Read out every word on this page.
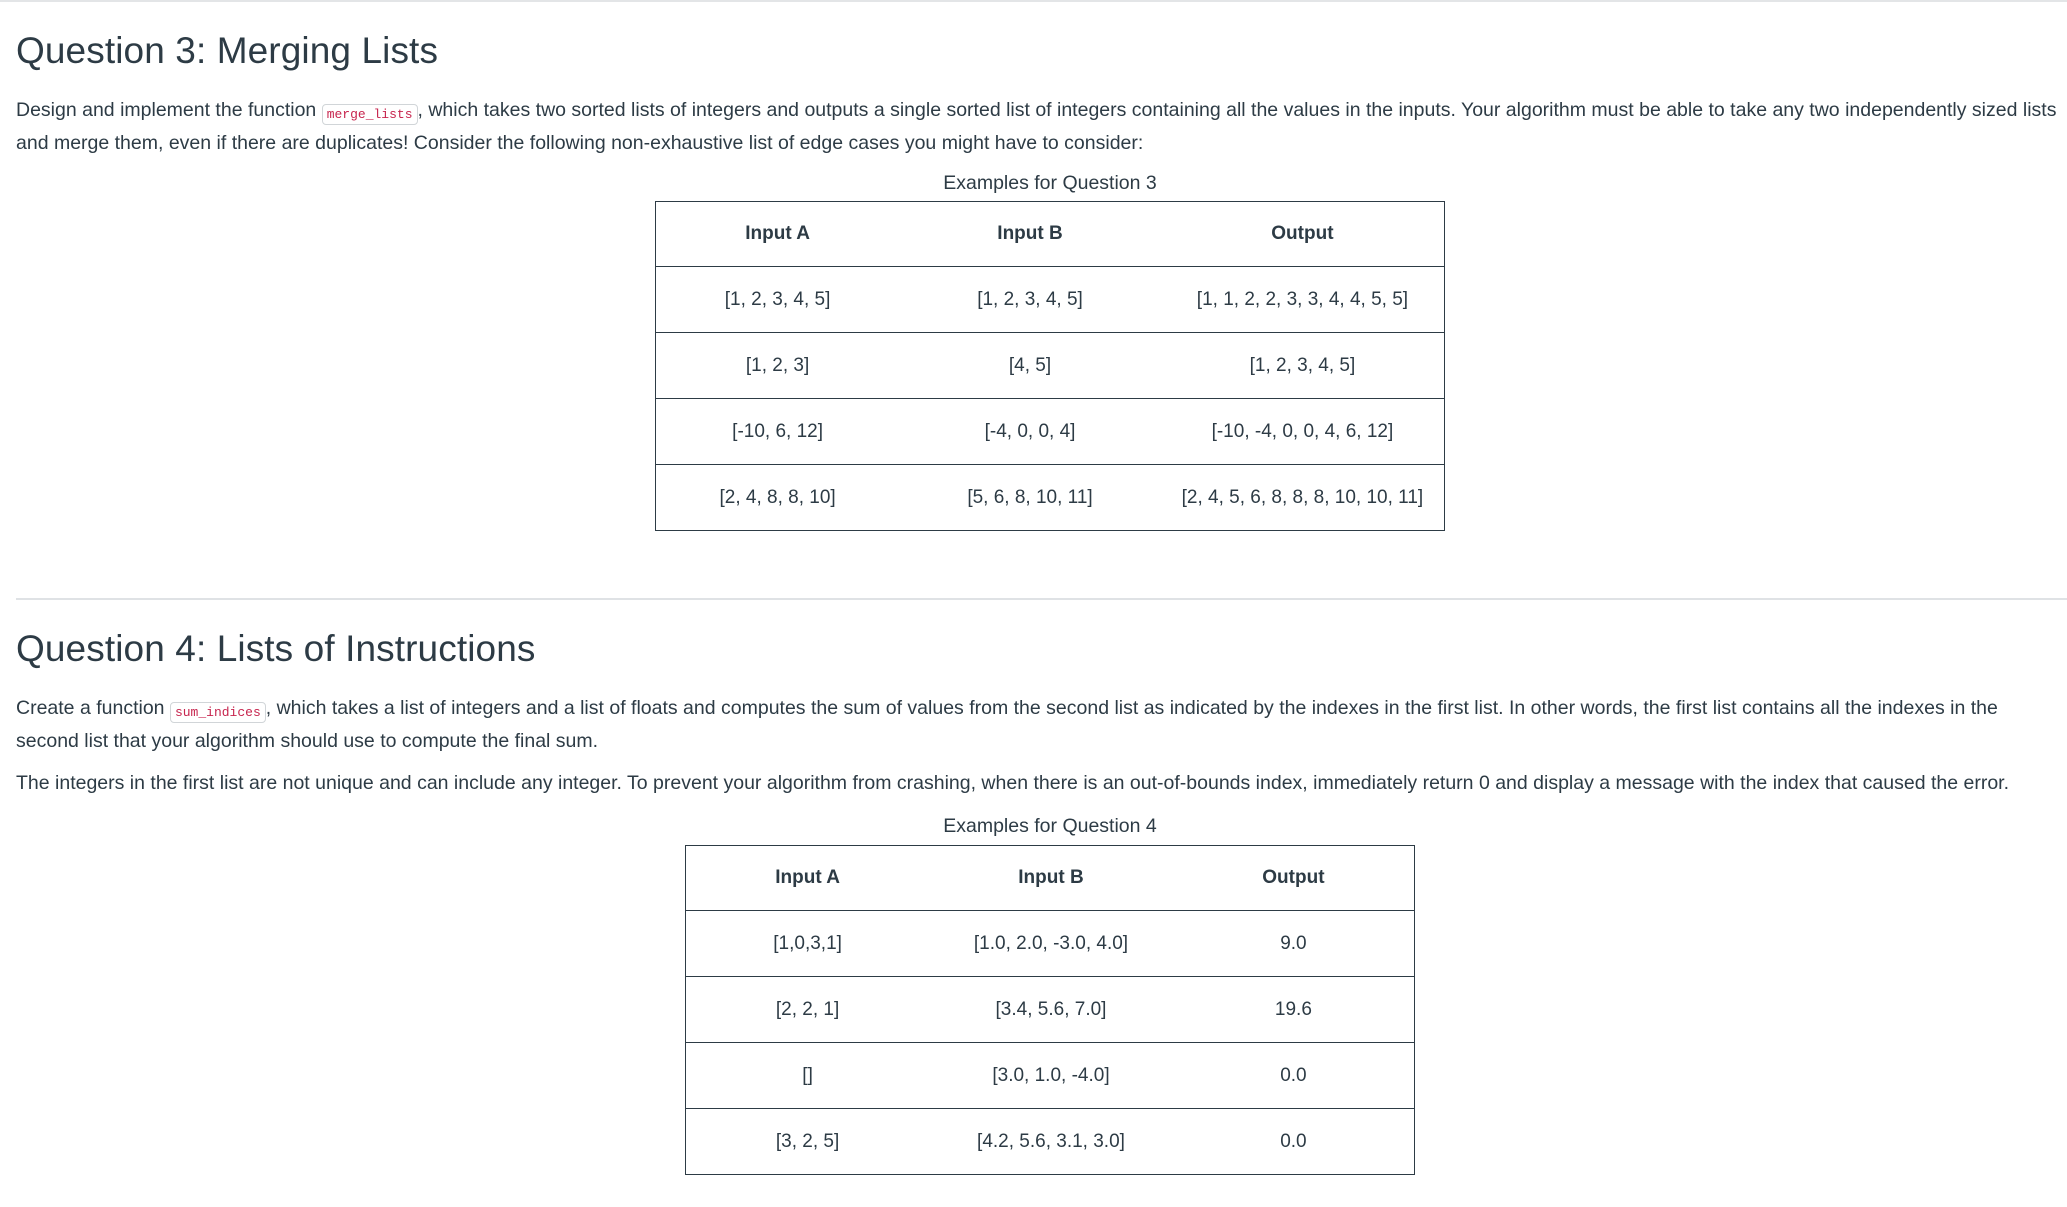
Question 3: Merging Lists

Design and implement the function merge_lists , which takes two sorted lists of integers and outputs a single sorted list of integers containing all the values in the inputs. Your algorithm must be able to take any two independently sized lists and merge them, even if there are duplicates! Consider the following non-exhaustive list of edge cases you might have to consider:

Examples for Question 3
Input A	Input B	Output
[1, 2, 3, 4, 5]	[1, 2, 3, 4, 5]	[1, 1, 2, 2, 3, 3, 4, 4, 5, 5]
[1, 2, 3]	[4, 5]	[1, 2, 3, 4, 5]
[-10, 6, 12]	[-4, 0, 0, 4]	[-10, -4, 0, 0, 4, 6, 12]
[2, 4, 8, 8, 10]	[5, 6, 8, 10, 11]	[2, 4, 5, 6, 8, 8, 8, 10, 10, 11]
Question 4: Lists of Instructions

Create a function sum_indices , which takes a list of integers and a list of floats and computes the sum of values from the second list as indicated by the indexes in the first list. In other words, the first list contains all the indexes in the second list that your algorithm should use to compute the final sum.

The integers in the first list are not unique and can include any integer. To prevent your algorithm from crashing, when there is an out-of-bounds index, immediately return 0 and display a message with the index that caused the error.

Examples for Question 4
Input A	Input B	Output
[1,0,3,1]	[1.0, 2.0, -3.0, 4.0]	9.0
[2, 2, 1]	[3.4, 5.6, 7.0]	19.6
[]	[3.0, 1.0, -4.0]	0.0
[3, 2, 5]	[4.2, 5.6, 3.1, 3.0]	0.0
